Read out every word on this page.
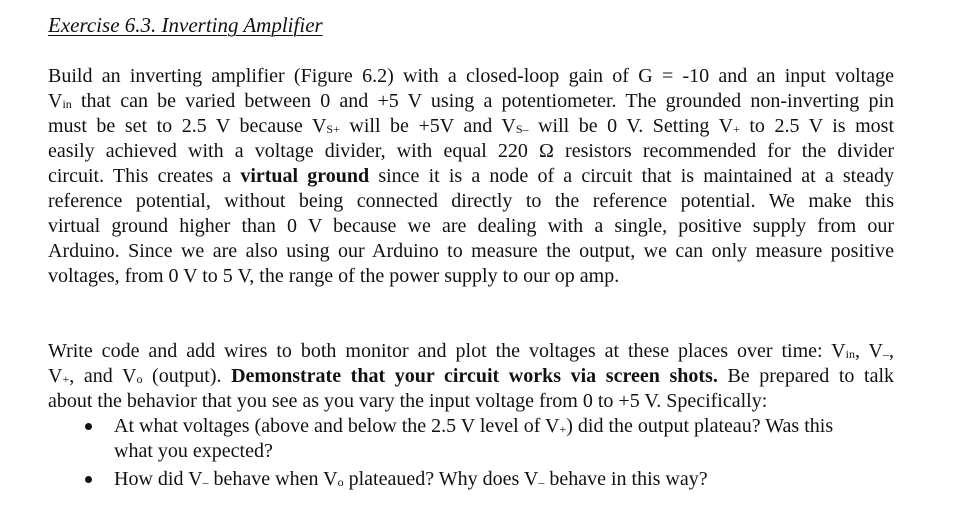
Exercise 6.3. Inverting Amplifier
Build an inverting amplifier (Figure 6.2) with a closed-loop gain of G = -10 and an input voltage
Vin that can be varied between 0 and +5 V using a potentiometer. The grounded non-inverting pin
must be set to 2.5 V because VS+ will be +5V and VS– will be 0 V. Setting V+ to 2.5 V is most
easily achieved with a voltage divider, with equal 220 Ω resistors recommended for the divider
circuit. This creates a virtual ground since it is a node of a circuit that is maintained at a steady
reference potential, without being connected directly to the reference potential. We make this
virtual ground higher than 0 V because we are dealing with a single, positive supply from our
Arduino. Since we are also using our Arduino to measure the output, we can only measure positive
voltages, from 0 V to 5 V, the range of the power supply to our op amp.
Write code and add wires to both monitor and plot the voltages at these places over time: Vin, V–,
V+, and Vo (output). Demonstrate that your circuit works via screen shots. Be prepared to talk
about the behavior that you see as you vary the input voltage from 0 to +5 V. Specifically:
At what voltages (above and below the 2.5 V level of V+) did the output plateau? Was this
what you expected?
How did V– behave when Vo plateaued? Why does V– behave in this way?
